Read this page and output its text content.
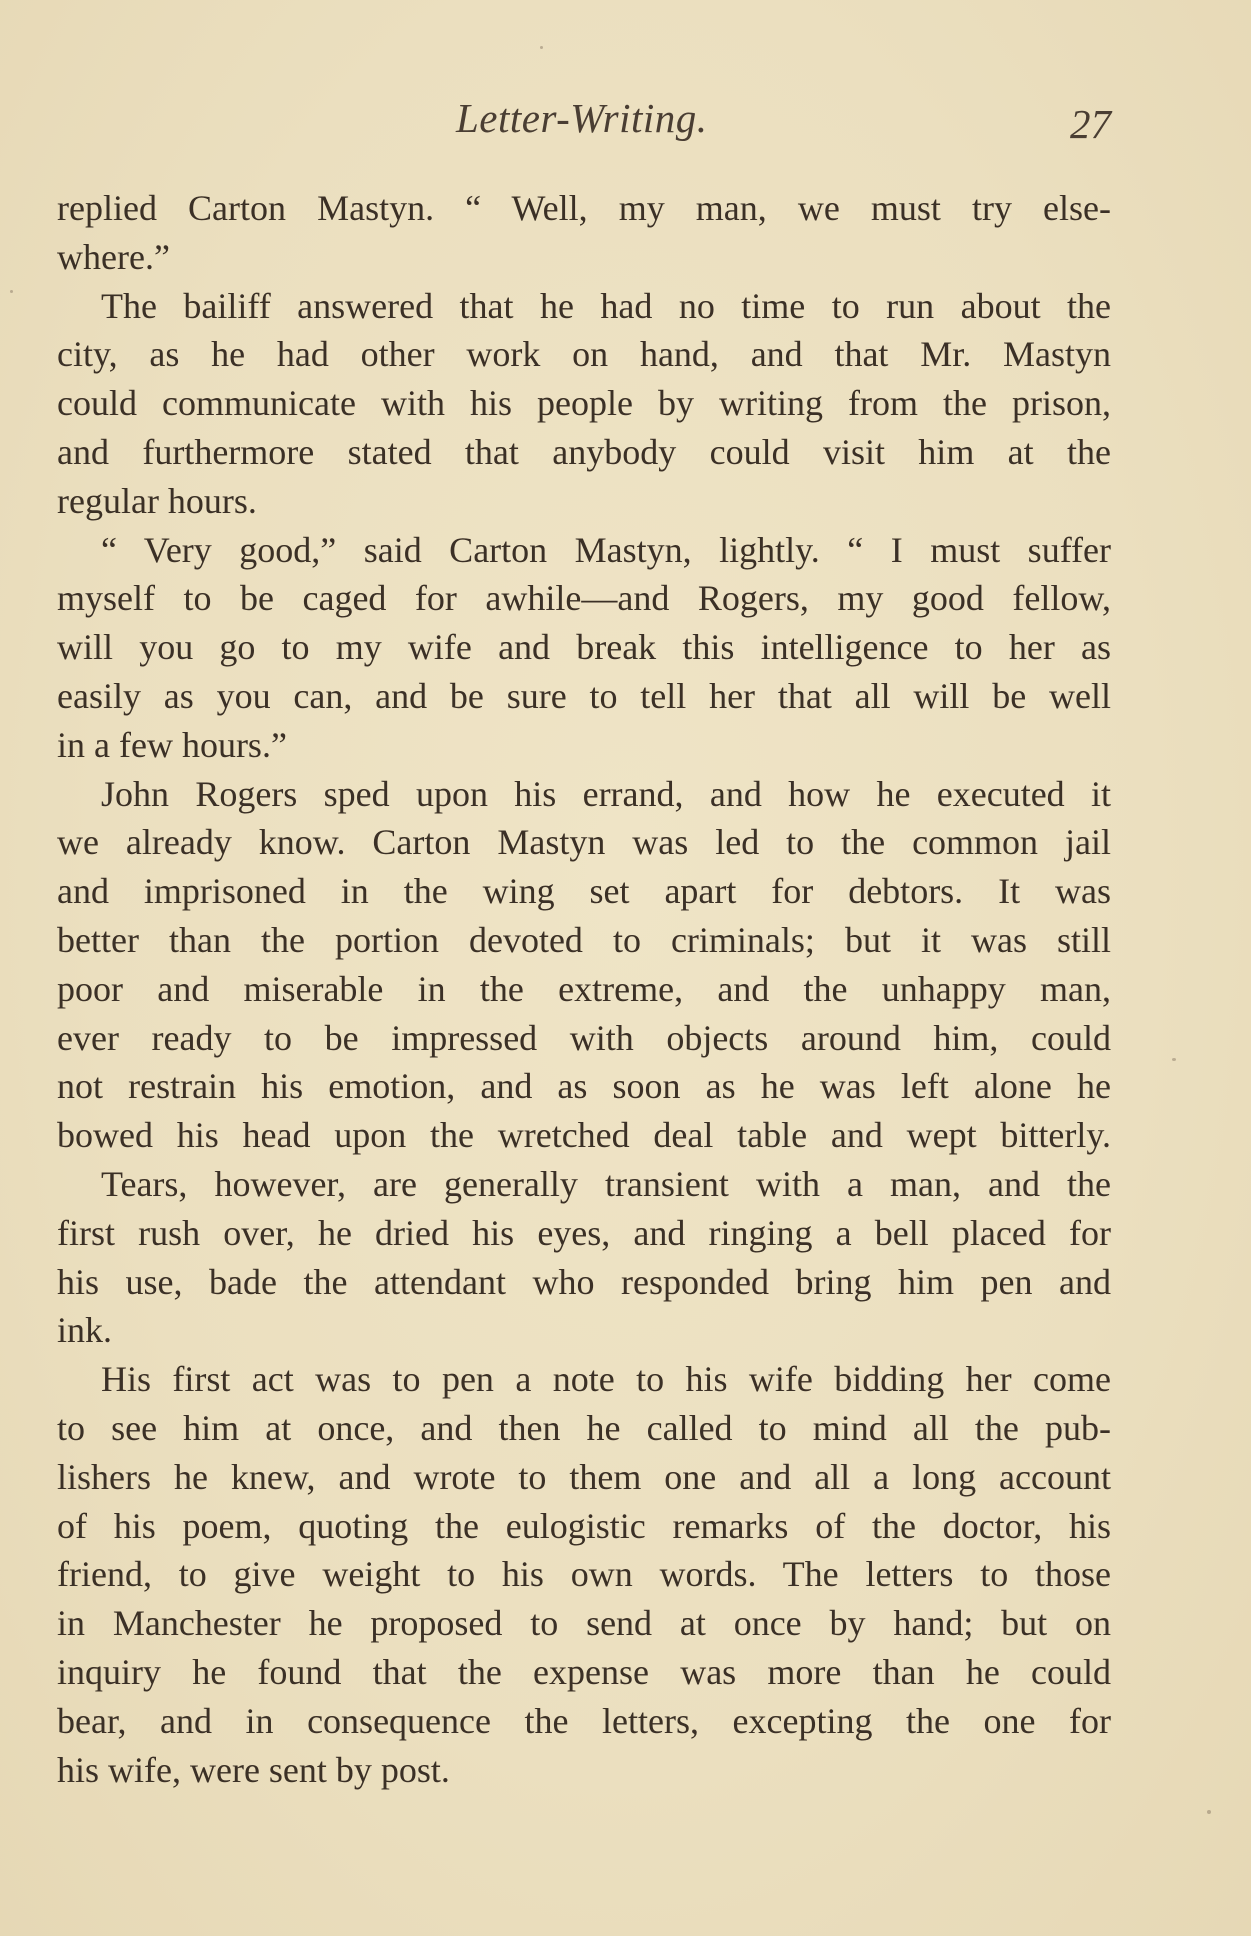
Letter-Writing.	27
replied Carton Mastyn. “ Well, my man, we must try else-
where.”
The bailiff answered that he had no time to run about the
city, as he had other work on hand, and that Mr. Mastyn
could communicate with his people by writing from the prison,
and furthermore stated that anybody could visit him at the
regular hours.
“ Very good,” said Carton Mastyn, lightly. “ I must suffer
myself to be caged for awhile—and Rogers, my good fellow,
will you go to my wife and break this intelligence to her as
easily as you can, and be sure to tell her that all will be well
in a few hours.”
John Rogers sped upon his errand, and how he executed it
we already know. Carton Mastyn was led to the common jail
and imprisoned in the wing set apart for debtors. It was
better than the portion devoted to criminals; but it was still
poor and miserable in the extreme, and the unhappy man,
ever ready to be impressed with objects around him, could
not restrain his emotion, and as soon as he was left alone he
bowed his head upon the wretched deal table and wept bitterly.
Tears, however, are generally transient with a man, and the
first rush over, he dried his eyes, and ringing a bell placed for
his use, bade the attendant who responded bring him pen and
ink.
His first act was to pen a note to his wife bidding her come
to see him at once, and then he called to mind all the pub-
lishers he knew, and wrote to them one and all a long account
of his poem, quoting the eulogistic remarks of the doctor, his
friend, to give weight to his own words. The letters to those
in Manchester he proposed to send at once by hand; but on
inquiry he found that the expense was more than he could
bear, and in consequence the letters, excepting the one for
his wife, were sent by post.
